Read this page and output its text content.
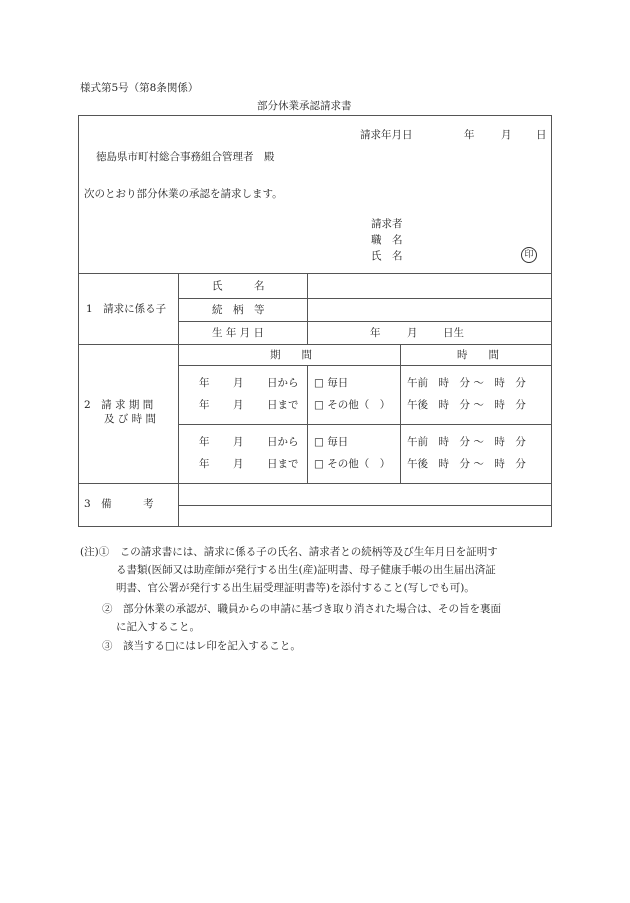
様式第5号（第8条関係）
部分休業承認請求書
請求年月日	年	月 日
徳島県市町村総合事務組合管理者　殿
次のとおり部分休業の承認を請求します。
請求者
職　名
氏　名	印
1　請求に係る子
氏　　　名
続　柄　等
生 年 月 日	年	月 日生
2　請 求 期 間
及 び 時 間
期　　間	時　　間
年 月 日から □ 毎日	午前　時　分 ～　時　分
年 月 日まで □ その他（　） 午後　時　分 ～　時　分
年 月 日から □ 毎日	午前　時　分 ～　時　分
年 月 日まで □ その他（　） 午後　時　分 ～　時　分
3　備　　　考
(注)①　この請求書には、請求に係る子の氏名、請求者との続柄等及び生年月日を証明す
る書類(医師又は助産師が発行する出生(産)証明書、母子健康手帳の出生届出済証
明書、官公署が発行する出生届受理証明書等)を添付すること(写しでも可)。
②　部分休業の承認が、職員からの申請に基づき取り消された場合は、その旨を裏面
に記入すること。
③　該当する□にはレ印を記入すること。
